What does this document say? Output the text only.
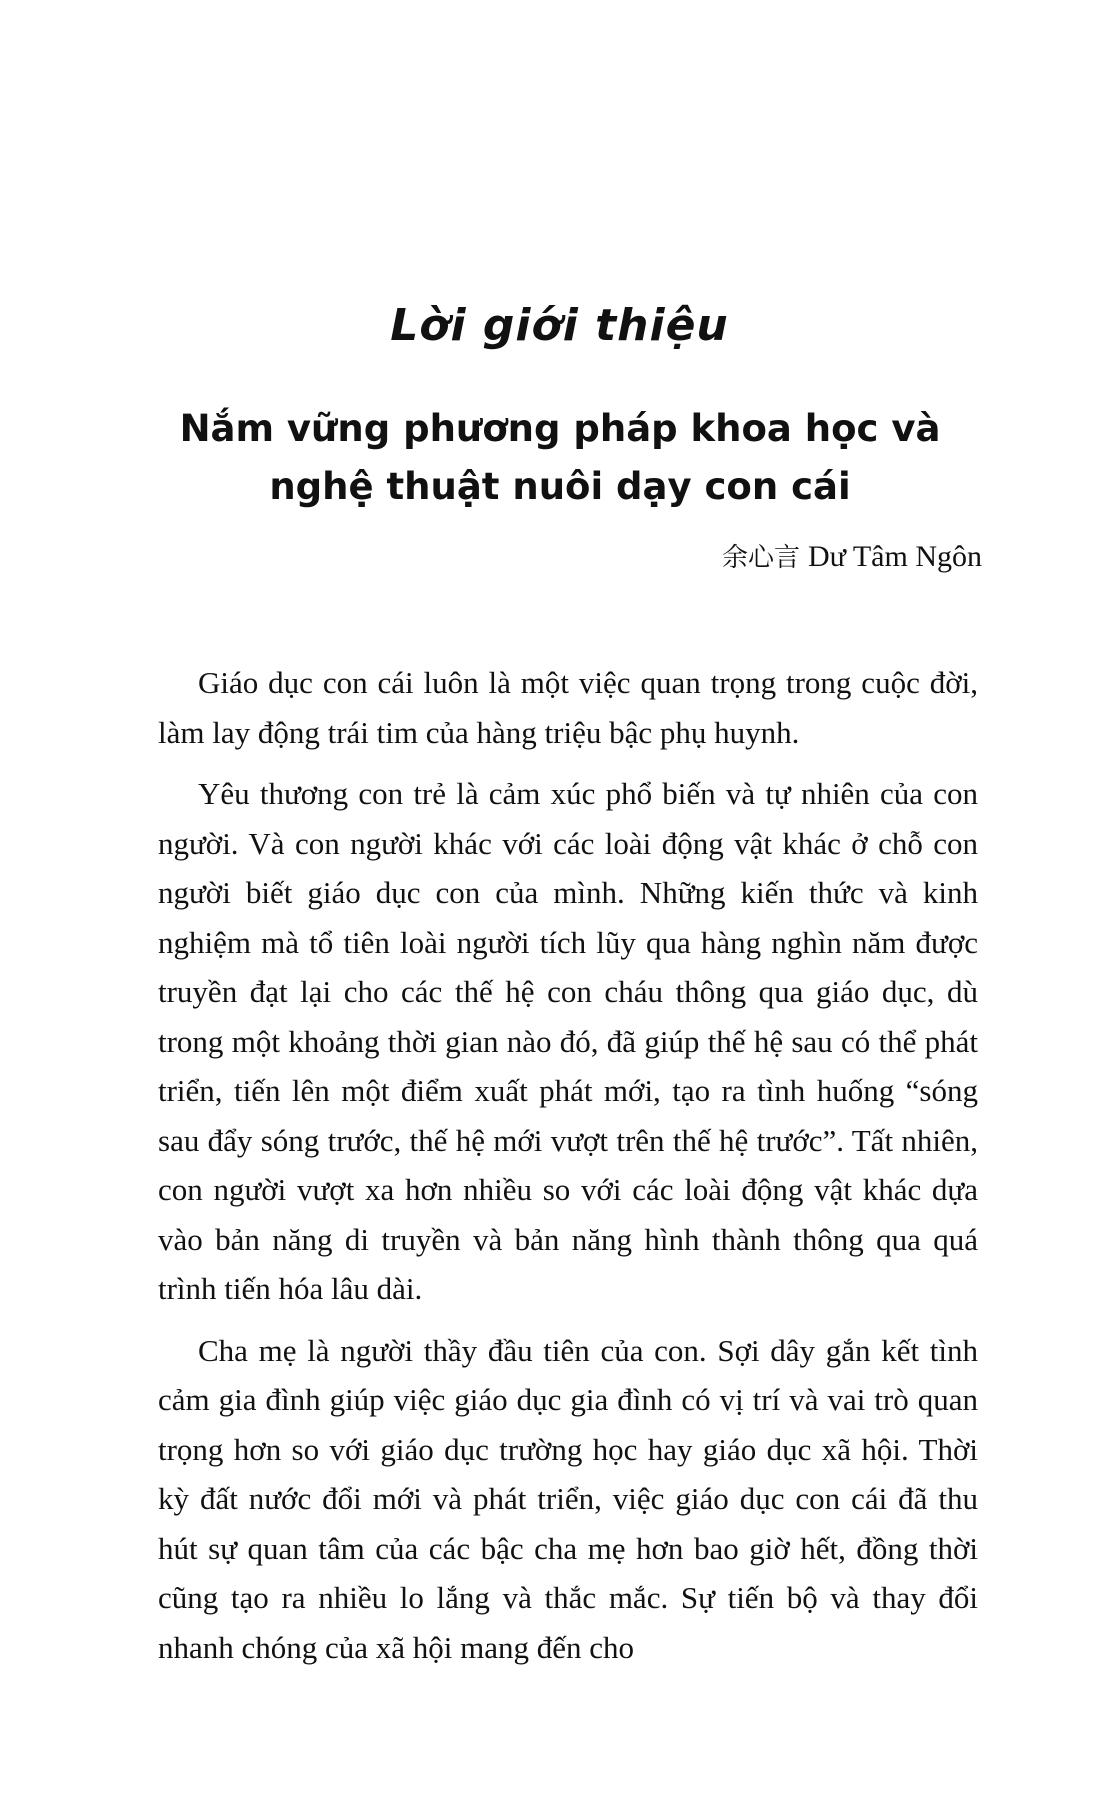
Lời giới thiệu
Nắm vững phương pháp khoa học và
nghệ thuật nuôi dạy con cái

余心言 Dư Tâm Ngôn

Giáo dục con cái luôn là một việc quan trọng trong cuộc đời, làm lay động trái tim của hàng triệu bậc phụ huynh.

Yêu thương con trẻ là cảm xúc phổ biến và tự nhiên của con người. Và con người khác với các loài động vật khác ở chỗ con người biết giáo dục con của mình. Những kiến thức và kinh nghiệm mà tổ tiên loài người tích lũy qua hàng nghìn năm được truyền đạt lại cho các thế hệ con cháu thông qua giáo dục, dù trong một khoảng thời gian nào đó, đã giúp thế hệ sau có thể phát triển, tiến lên một điểm xuất phát mới, tạo ra tình huống “sóng sau đẩy sóng trước, thế hệ mới vượt trên thế hệ trước”. Tất nhiên, con người vượt xa hơn nhiều so với các loài động vật khác dựa vào bản năng di truyền và bản năng hình thành thông qua quá trình tiến hóa lâu dài.

Cha mẹ là người thầy đầu tiên của con. Sợi dây gắn kết tình cảm gia đình giúp việc giáo dục gia đình có vị trí và vai trò quan trọng hơn so với giáo dục trường học hay giáo dục xã hội. Thời kỳ đất nước đổi mới và phát triển, việc giáo dục con cái đã thu hút sự quan tâm của các bậc cha mẹ hơn bao giờ hết, đồng thời cũng tạo ra nhiều lo lắng và thắc mắc. Sự tiến bộ và thay đổi nhanh chóng của xã hội mang đến cho
